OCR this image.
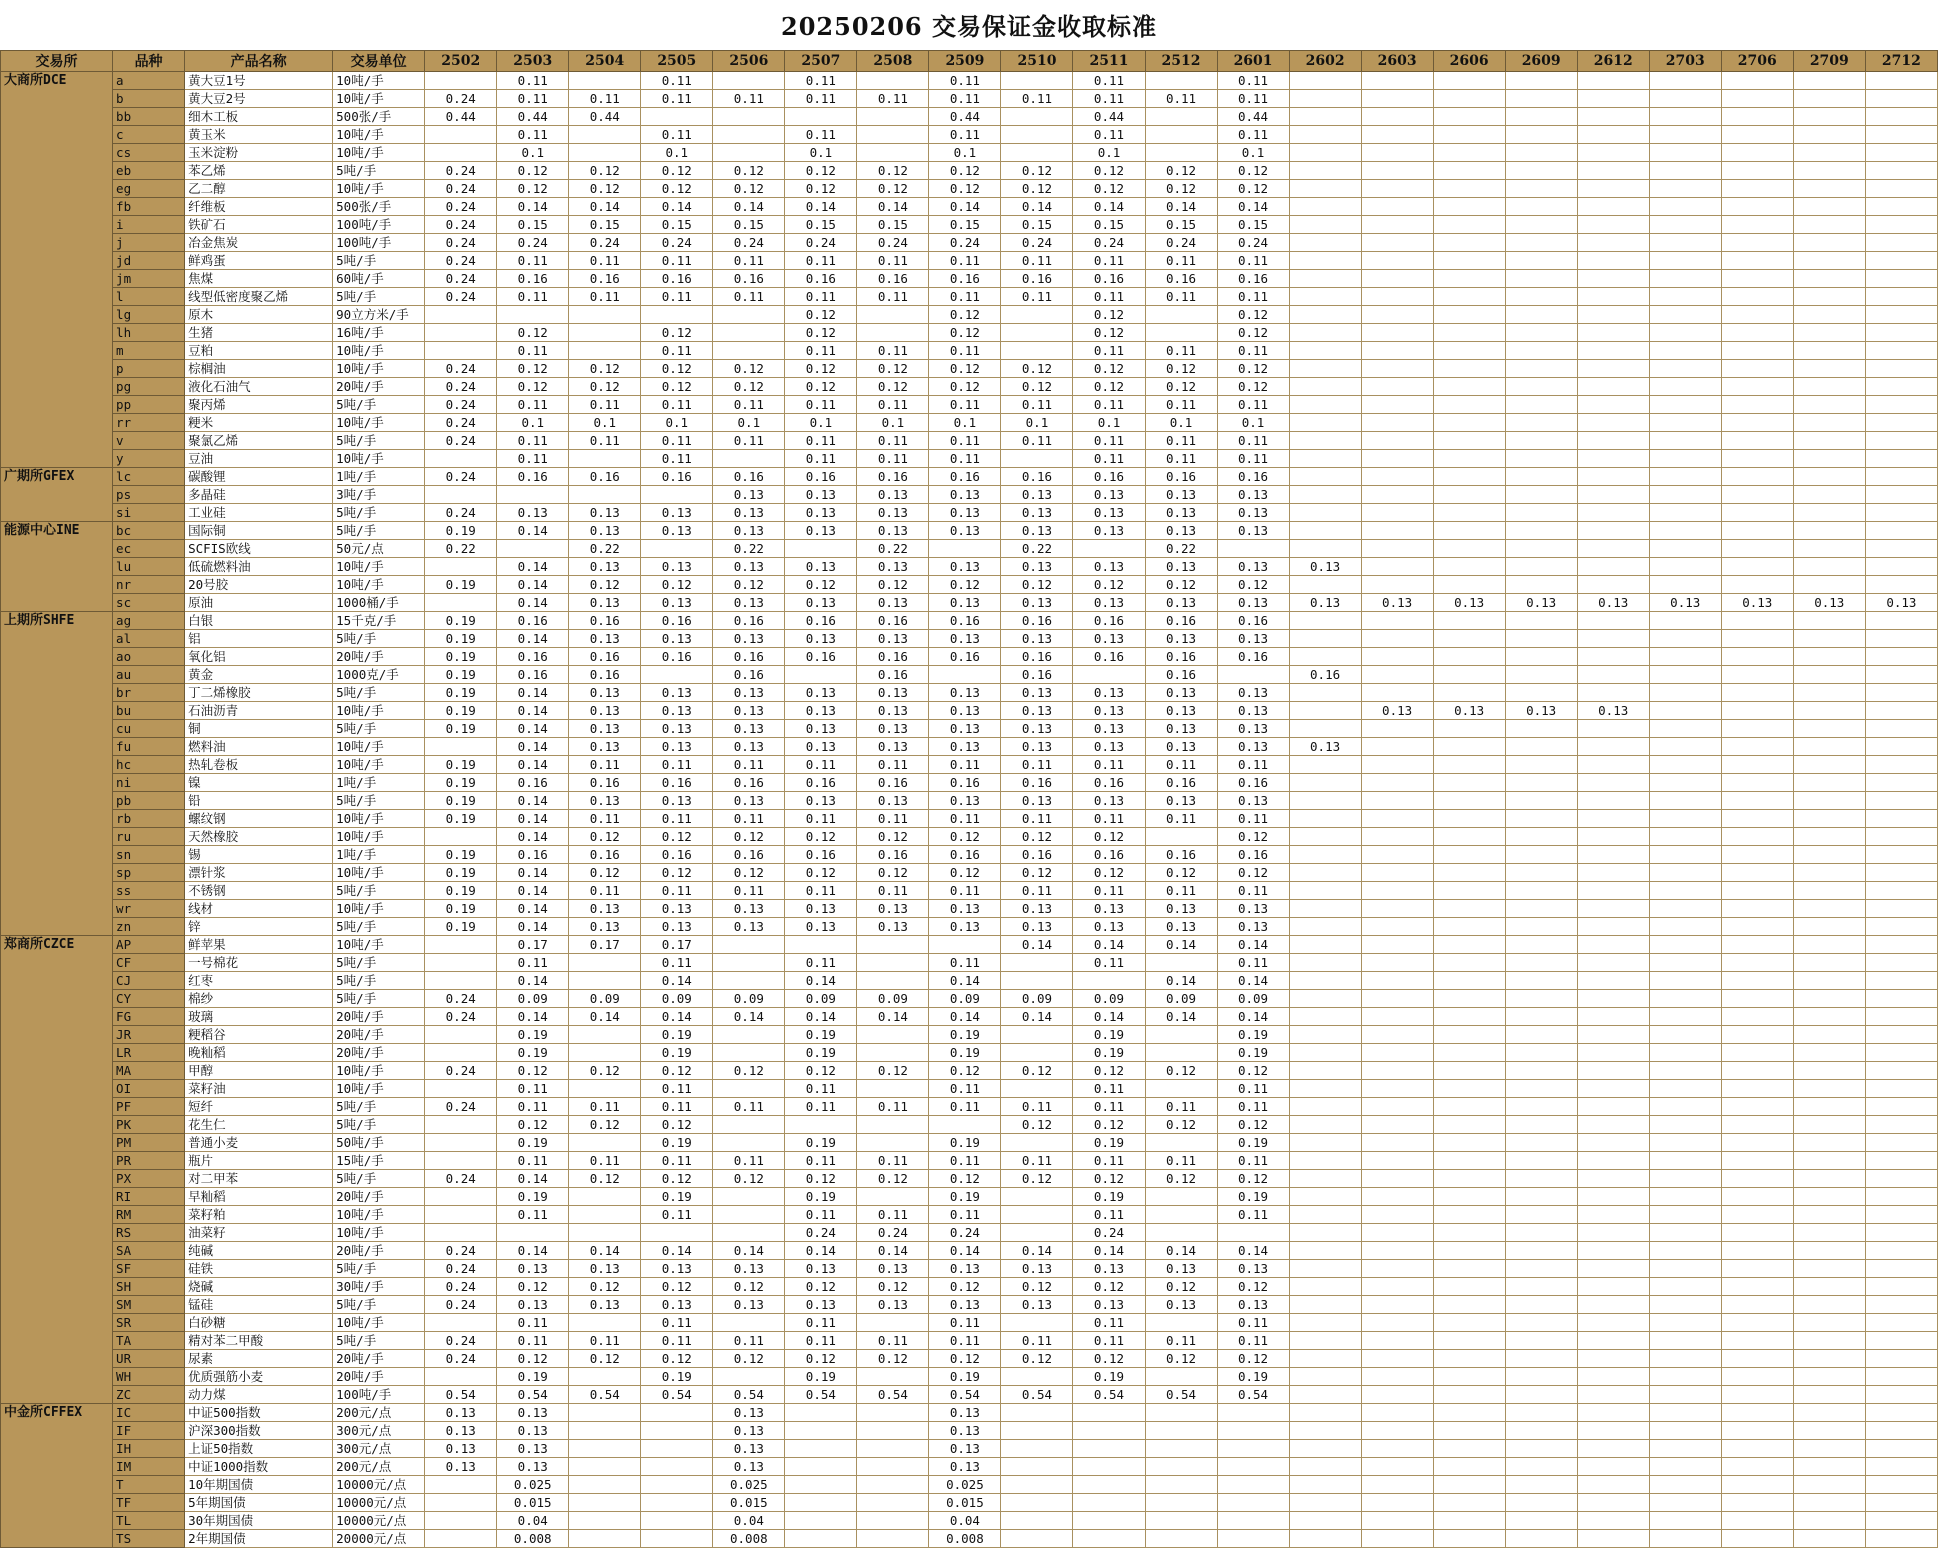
20250206 交易保证金收取标准
交易所	品种	产品名称	交易单位	2502	2503	2504	2505	2506	2507	2508	2509	2510	2511	2512	2601	2602	2603	2606	2609	2612	2703	2706	2709	2712
大商所DCE	a	黄大豆1号	10吨/手		0.11		0.11		0.11		0.11		0.11		0.11									
	b	黄大豆2号	10吨/手	0.24	0.11	0.11	0.11	0.11	0.11	0.11	0.11	0.11	0.11	0.11	0.11									
	bb	细木工板	500张/手	0.44	0.44	0.44					0.44		0.44		0.44									
	c	黄玉米	10吨/手		0.11		0.11		0.11		0.11		0.11		0.11									
	cs	玉米淀粉	10吨/手		0.1		0.1		0.1		0.1		0.1		0.1									
	eb	苯乙烯	5吨/手	0.24	0.12	0.12	0.12	0.12	0.12	0.12	0.12	0.12	0.12	0.12	0.12									
	eg	乙二醇	10吨/手	0.24	0.12	0.12	0.12	0.12	0.12	0.12	0.12	0.12	0.12	0.12	0.12									
	fb	纤维板	500张/手	0.24	0.14	0.14	0.14	0.14	0.14	0.14	0.14	0.14	0.14	0.14	0.14									
	i	铁矿石	100吨/手	0.24	0.15	0.15	0.15	0.15	0.15	0.15	0.15	0.15	0.15	0.15	0.15									
	j	冶金焦炭	100吨/手	0.24	0.24	0.24	0.24	0.24	0.24	0.24	0.24	0.24	0.24	0.24	0.24									
	jd	鲜鸡蛋	5吨/手	0.24	0.11	0.11	0.11	0.11	0.11	0.11	0.11	0.11	0.11	0.11	0.11									
	jm	焦煤	60吨/手	0.24	0.16	0.16	0.16	0.16	0.16	0.16	0.16	0.16	0.16	0.16	0.16									
	l	线型低密度聚乙烯	5吨/手	0.24	0.11	0.11	0.11	0.11	0.11	0.11	0.11	0.11	0.11	0.11	0.11									
	lg	原木	90立方米/手						0.12		0.12		0.12		0.12									
	lh	生猪	16吨/手		0.12		0.12		0.12		0.12		0.12		0.12									
	m	豆粕	10吨/手		0.11		0.11		0.11	0.11	0.11		0.11	0.11	0.11									
	p	棕榈油	10吨/手	0.24	0.12	0.12	0.12	0.12	0.12	0.12	0.12	0.12	0.12	0.12	0.12									
	pg	液化石油气	20吨/手	0.24	0.12	0.12	0.12	0.12	0.12	0.12	0.12	0.12	0.12	0.12	0.12									
	pp	聚丙烯	5吨/手	0.24	0.11	0.11	0.11	0.11	0.11	0.11	0.11	0.11	0.11	0.11	0.11									
	rr	粳米	10吨/手	0.24	0.1	0.1	0.1	0.1	0.1	0.1	0.1	0.1	0.1	0.1	0.1									
	v	聚氯乙烯	5吨/手	0.24	0.11	0.11	0.11	0.11	0.11	0.11	0.11	0.11	0.11	0.11	0.11									
	y	豆油	10吨/手		0.11		0.11		0.11	0.11	0.11		0.11	0.11	0.11									
广期所GFEX	lc	碳酸锂	1吨/手	0.24	0.16	0.16	0.16	0.16	0.16	0.16	0.16	0.16	0.16	0.16	0.16									
	ps	多晶硅	3吨/手					0.13	0.13	0.13	0.13	0.13	0.13	0.13	0.13									
	si	工业硅	5吨/手	0.24	0.13	0.13	0.13	0.13	0.13	0.13	0.13	0.13	0.13	0.13	0.13									
能源中心INE	bc	国际铜	5吨/手	0.19	0.14	0.13	0.13	0.13	0.13	0.13	0.13	0.13	0.13	0.13	0.13									
	ec	SCFIS欧线	50元/点	0.22		0.22		0.22		0.22		0.22		0.22										
	lu	低硫燃料油	10吨/手		0.14	0.13	0.13	0.13	0.13	0.13	0.13	0.13	0.13	0.13	0.13	0.13								
	nr	20号胶	10吨/手	0.19	0.14	0.12	0.12	0.12	0.12	0.12	0.12	0.12	0.12	0.12	0.12									
	sc	原油	1000桶/手		0.14	0.13	0.13	0.13	0.13	0.13	0.13	0.13	0.13	0.13	0.13	0.13	0.13	0.13	0.13	0.13	0.13	0.13	0.13	0.13
上期所SHFE	ag	白银	15千克/手	0.19	0.16	0.16	0.16	0.16	0.16	0.16	0.16	0.16	0.16	0.16	0.16									
	al	铝	5吨/手	0.19	0.14	0.13	0.13	0.13	0.13	0.13	0.13	0.13	0.13	0.13	0.13									
	ao	氧化铝	20吨/手	0.19	0.16	0.16	0.16	0.16	0.16	0.16	0.16	0.16	0.16	0.16	0.16									
	au	黄金	1000克/手	0.19	0.16	0.16		0.16		0.16		0.16		0.16		0.16								
	br	丁二烯橡胶	5吨/手	0.19	0.14	0.13	0.13	0.13	0.13	0.13	0.13	0.13	0.13	0.13	0.13									
	bu	石油沥青	10吨/手	0.19	0.14	0.13	0.13	0.13	0.13	0.13	0.13	0.13	0.13	0.13	0.13		0.13	0.13	0.13	0.13				
	cu	铜	5吨/手	0.19	0.14	0.13	0.13	0.13	0.13	0.13	0.13	0.13	0.13	0.13	0.13									
	fu	燃料油	10吨/手		0.14	0.13	0.13	0.13	0.13	0.13	0.13	0.13	0.13	0.13	0.13	0.13								
	hc	热轧卷板	10吨/手	0.19	0.14	0.11	0.11	0.11	0.11	0.11	0.11	0.11	0.11	0.11	0.11									
	ni	镍	1吨/手	0.19	0.16	0.16	0.16	0.16	0.16	0.16	0.16	0.16	0.16	0.16	0.16									
	pb	铅	5吨/手	0.19	0.14	0.13	0.13	0.13	0.13	0.13	0.13	0.13	0.13	0.13	0.13									
	rb	螺纹钢	10吨/手	0.19	0.14	0.11	0.11	0.11	0.11	0.11	0.11	0.11	0.11	0.11	0.11									
	ru	天然橡胶	10吨/手		0.14	0.12	0.12	0.12	0.12	0.12	0.12	0.12	0.12		0.12									
	sn	锡	1吨/手	0.19	0.16	0.16	0.16	0.16	0.16	0.16	0.16	0.16	0.16	0.16	0.16									
	sp	漂针浆	10吨/手	0.19	0.14	0.12	0.12	0.12	0.12	0.12	0.12	0.12	0.12	0.12	0.12									
	ss	不锈钢	5吨/手	0.19	0.14	0.11	0.11	0.11	0.11	0.11	0.11	0.11	0.11	0.11	0.11									
	wr	线材	10吨/手	0.19	0.14	0.13	0.13	0.13	0.13	0.13	0.13	0.13	0.13	0.13	0.13									
	zn	锌	5吨/手	0.19	0.14	0.13	0.13	0.13	0.13	0.13	0.13	0.13	0.13	0.13	0.13									
郑商所CZCE	AP	鲜苹果	10吨/手		0.17	0.17	0.17					0.14	0.14	0.14	0.14									
	CF	一号棉花	5吨/手		0.11		0.11		0.11		0.11		0.11		0.11									
	CJ	红枣	5吨/手		0.14		0.14		0.14		0.14			0.14	0.14									
	CY	棉纱	5吨/手	0.24	0.09	0.09	0.09	0.09	0.09	0.09	0.09	0.09	0.09	0.09	0.09									
	FG	玻璃	20吨/手	0.24	0.14	0.14	0.14	0.14	0.14	0.14	0.14	0.14	0.14	0.14	0.14									
	JR	粳稻谷	20吨/手		0.19		0.19		0.19		0.19		0.19		0.19									
	LR	晚籼稻	20吨/手		0.19		0.19		0.19		0.19		0.19		0.19									
	MA	甲醇	10吨/手	0.24	0.12	0.12	0.12	0.12	0.12	0.12	0.12	0.12	0.12	0.12	0.12									
	OI	菜籽油	10吨/手		0.11		0.11		0.11		0.11		0.11		0.11									
	PF	短纤	5吨/手	0.24	0.11	0.11	0.11	0.11	0.11	0.11	0.11	0.11	0.11	0.11	0.11									
	PK	花生仁	5吨/手		0.12	0.12	0.12					0.12	0.12	0.12	0.12									
	PM	普通小麦	50吨/手		0.19		0.19		0.19		0.19		0.19		0.19									
	PR	瓶片	15吨/手		0.11	0.11	0.11	0.11	0.11	0.11	0.11	0.11	0.11	0.11	0.11									
	PX	对二甲苯	5吨/手	0.24	0.14	0.12	0.12	0.12	0.12	0.12	0.12	0.12	0.12	0.12	0.12									
	RI	早籼稻	20吨/手		0.19		0.19		0.19		0.19		0.19		0.19									
	RM	菜籽粕	10吨/手		0.11		0.11		0.11	0.11	0.11		0.11		0.11									
	RS	油菜籽	10吨/手						0.24	0.24	0.24		0.24											
	SA	纯碱	20吨/手	0.24	0.14	0.14	0.14	0.14	0.14	0.14	0.14	0.14	0.14	0.14	0.14									
	SF	硅铁	5吨/手	0.24	0.13	0.13	0.13	0.13	0.13	0.13	0.13	0.13	0.13	0.13	0.13									
	SH	烧碱	30吨/手	0.24	0.12	0.12	0.12	0.12	0.12	0.12	0.12	0.12	0.12	0.12	0.12									
	SM	锰硅	5吨/手	0.24	0.13	0.13	0.13	0.13	0.13	0.13	0.13	0.13	0.13	0.13	0.13									
	SR	白砂糖	10吨/手		0.11		0.11		0.11		0.11		0.11		0.11									
	TA	精对苯二甲酸	5吨/手	0.24	0.11	0.11	0.11	0.11	0.11	0.11	0.11	0.11	0.11	0.11	0.11									
	UR	尿素	20吨/手	0.24	0.12	0.12	0.12	0.12	0.12	0.12	0.12	0.12	0.12	0.12	0.12									
	WH	优质强筋小麦	20吨/手		0.19		0.19		0.19		0.19		0.19		0.19									
	ZC	动力煤	100吨/手	0.54	0.54	0.54	0.54	0.54	0.54	0.54	0.54	0.54	0.54	0.54	0.54									
中金所CFFEX	IC	中证500指数	200元/点	0.13	0.13			0.13			0.13													
	IF	沪深300指数	300元/点	0.13	0.13			0.13			0.13													
	IH	上证50指数	300元/点	0.13	0.13			0.13			0.13													
	IM	中证1000指数	200元/点	0.13	0.13			0.13			0.13													
	T	10年期国债	10000元/点		0.025			0.025			0.025													
	TF	5年期国债	10000元/点		0.015			0.015			0.015													
	TL	30年期国债	10000元/点		0.04			0.04			0.04													
	TS	2年期国债	20000元/点		0.008			0.008			0.008													
